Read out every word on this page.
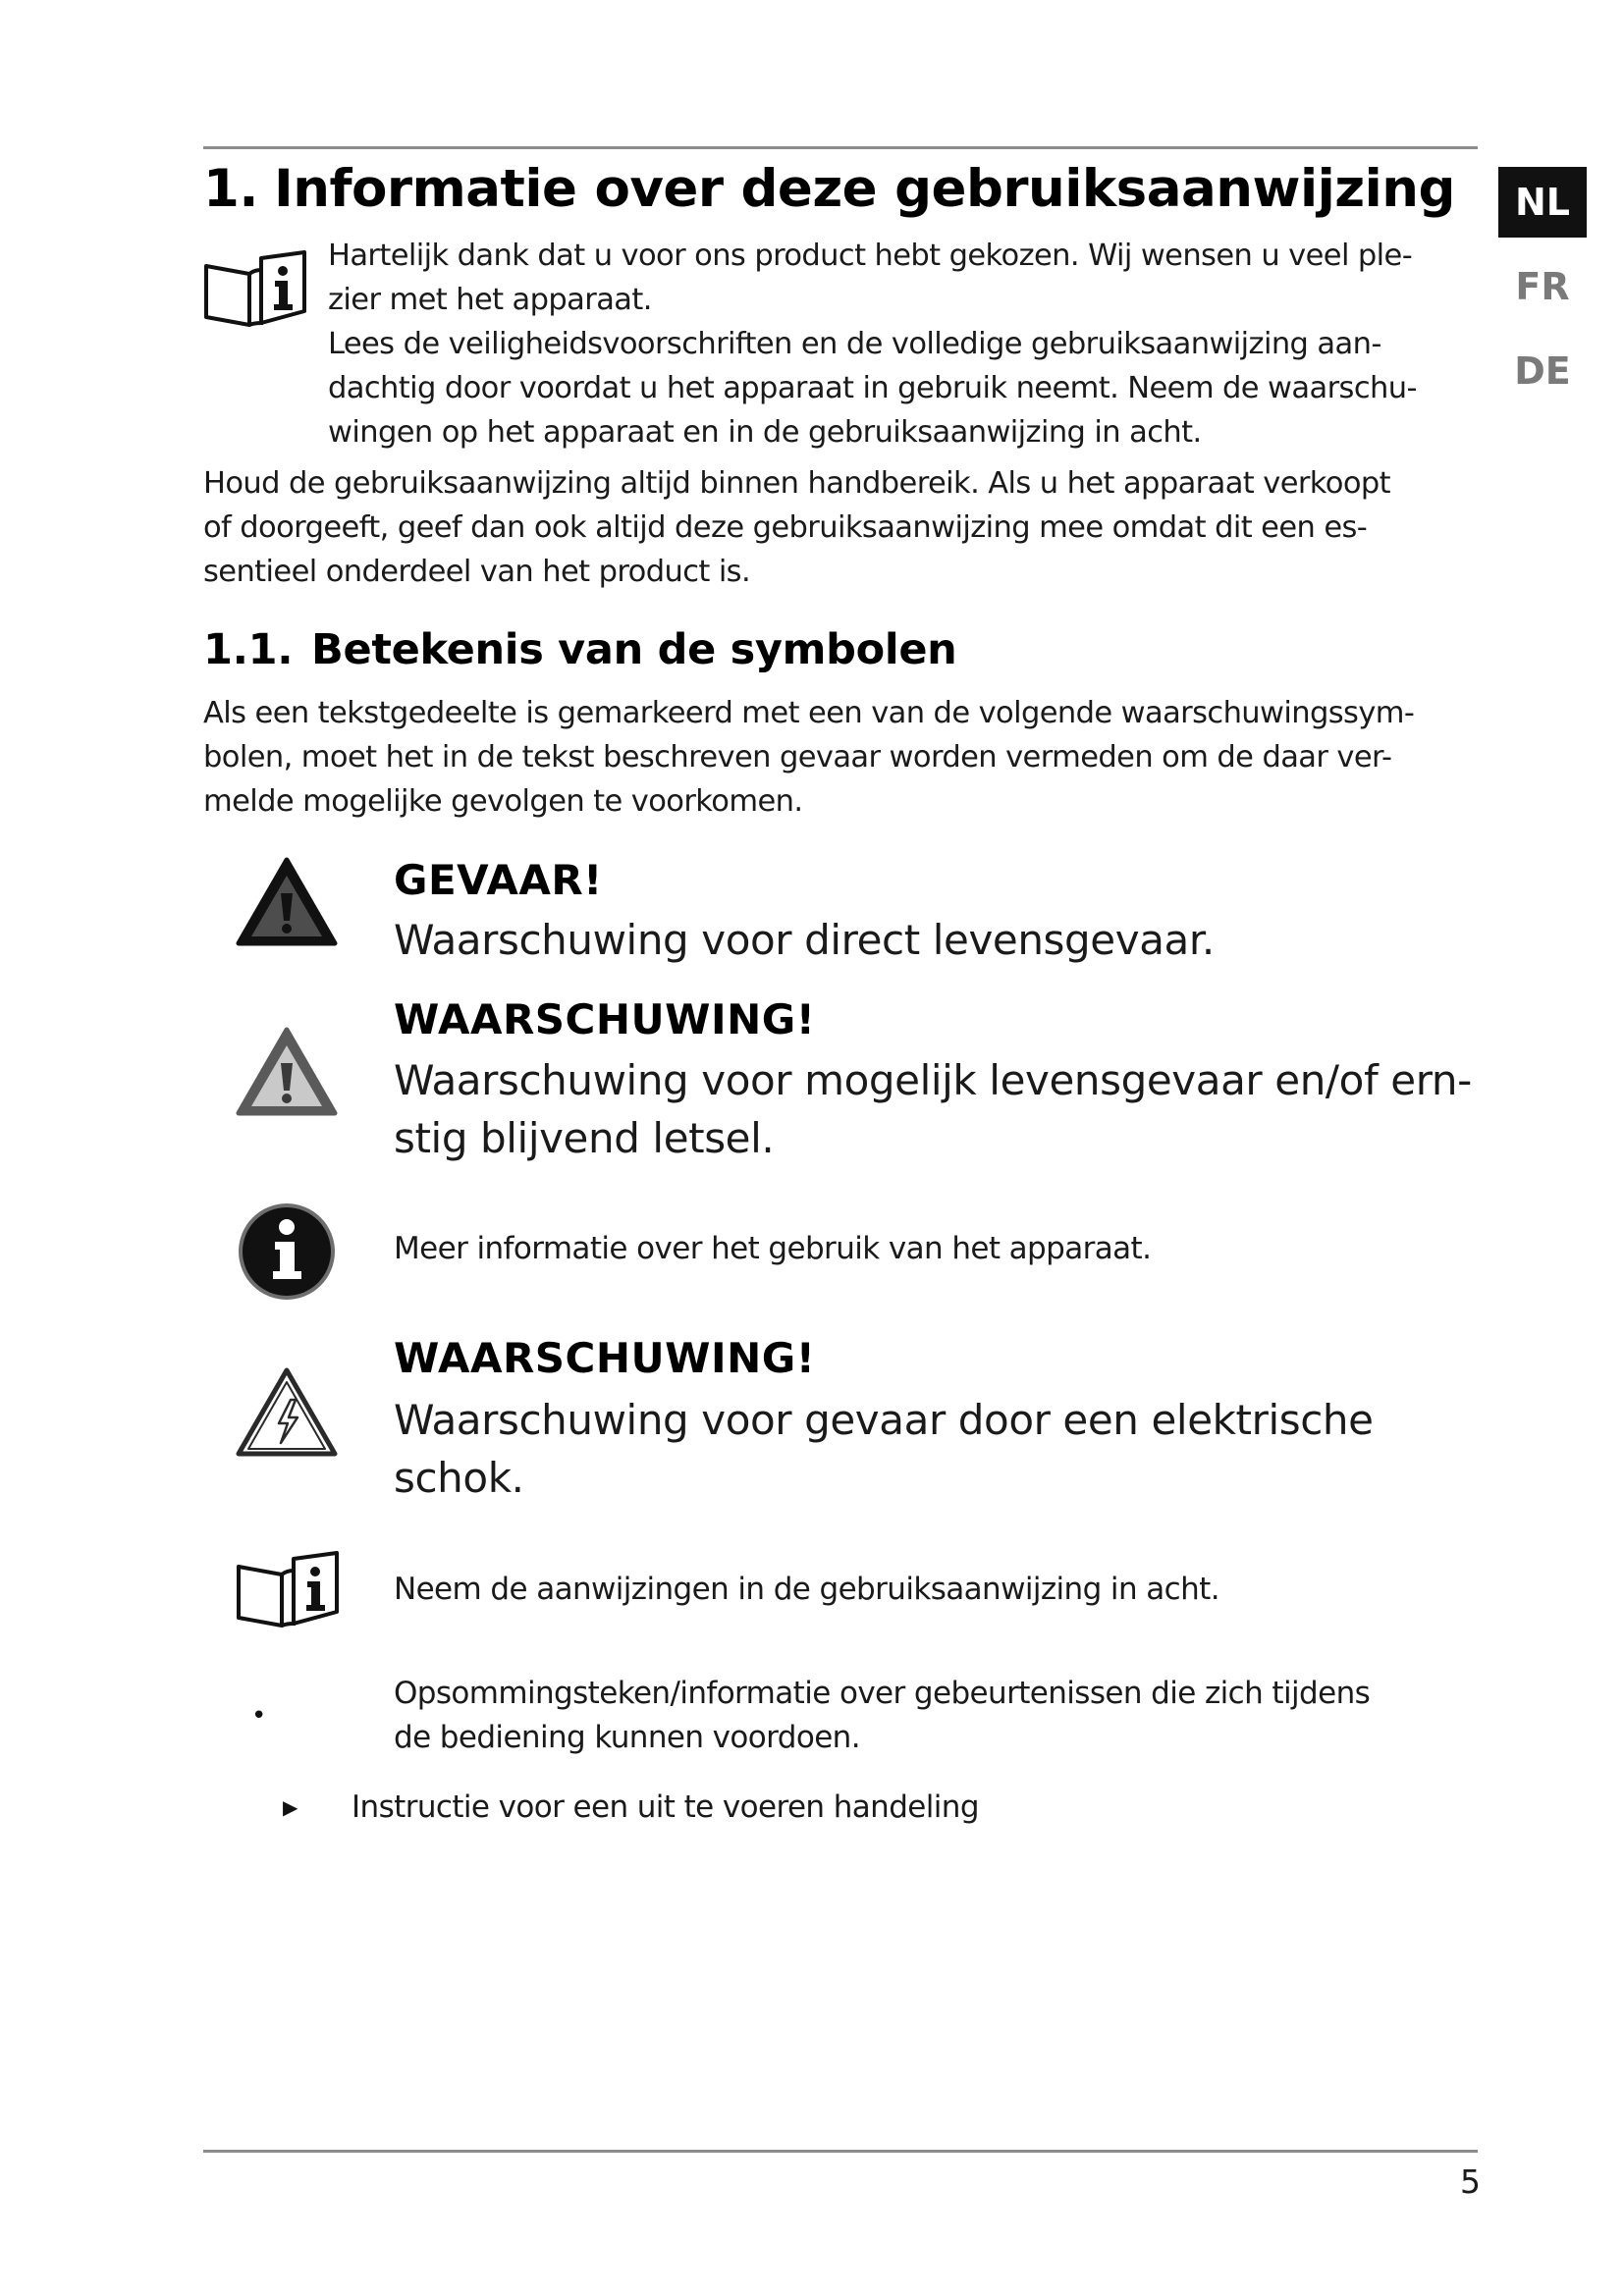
NL
FR
DE
1. Informatie over deze gebruiksaanwijzing
Hartelijk dank dat u voor ons product hebt gekozen. Wij wensen u veel ple-
zier met het apparaat.
Lees de veiligheidsvoorschriften en de volledige gebruiksaanwijzing aan-
dachtig door voordat u het apparaat in gebruik neemt. Neem de waarschu-
wingen op het apparaat en in de gebruiksaanwijzing in acht.
Houd de gebruiksaanwijzing altijd binnen handbereik. Als u het apparaat verkoopt
of doorgeeft, geef dan ook altijd deze gebruiksaanwijzing mee omdat dit een es-
sentieel onderdeel van het product is.
1.1. Betekenis van de symbolen
Als een tekstgedeelte is gemarkeerd met een van de volgende waarschuwingssym-
bolen, moet het in de tekst beschreven gevaar worden vermeden om de daar ver-
melde mogelijke gevolgen te voorkomen.
GEVAAR!
Waarschuwing voor direct levensgevaar.
WAARSCHUWING!
Waarschuwing voor mogelijk levensgevaar en/of ern-
stig blijvend letsel.
Meer informatie over het gebruik van het apparaat.
WAARSCHUWING!
Waarschuwing voor gevaar door een elektrische
schok.
Neem de aanwijzingen in de gebruiksaanwijzing in acht.
•
Opsommingsteken/informatie over gebeurtenissen die zich tijdens
de bediening kunnen voordoen.
▶ Instructie voor een uit te voeren handeling
5
